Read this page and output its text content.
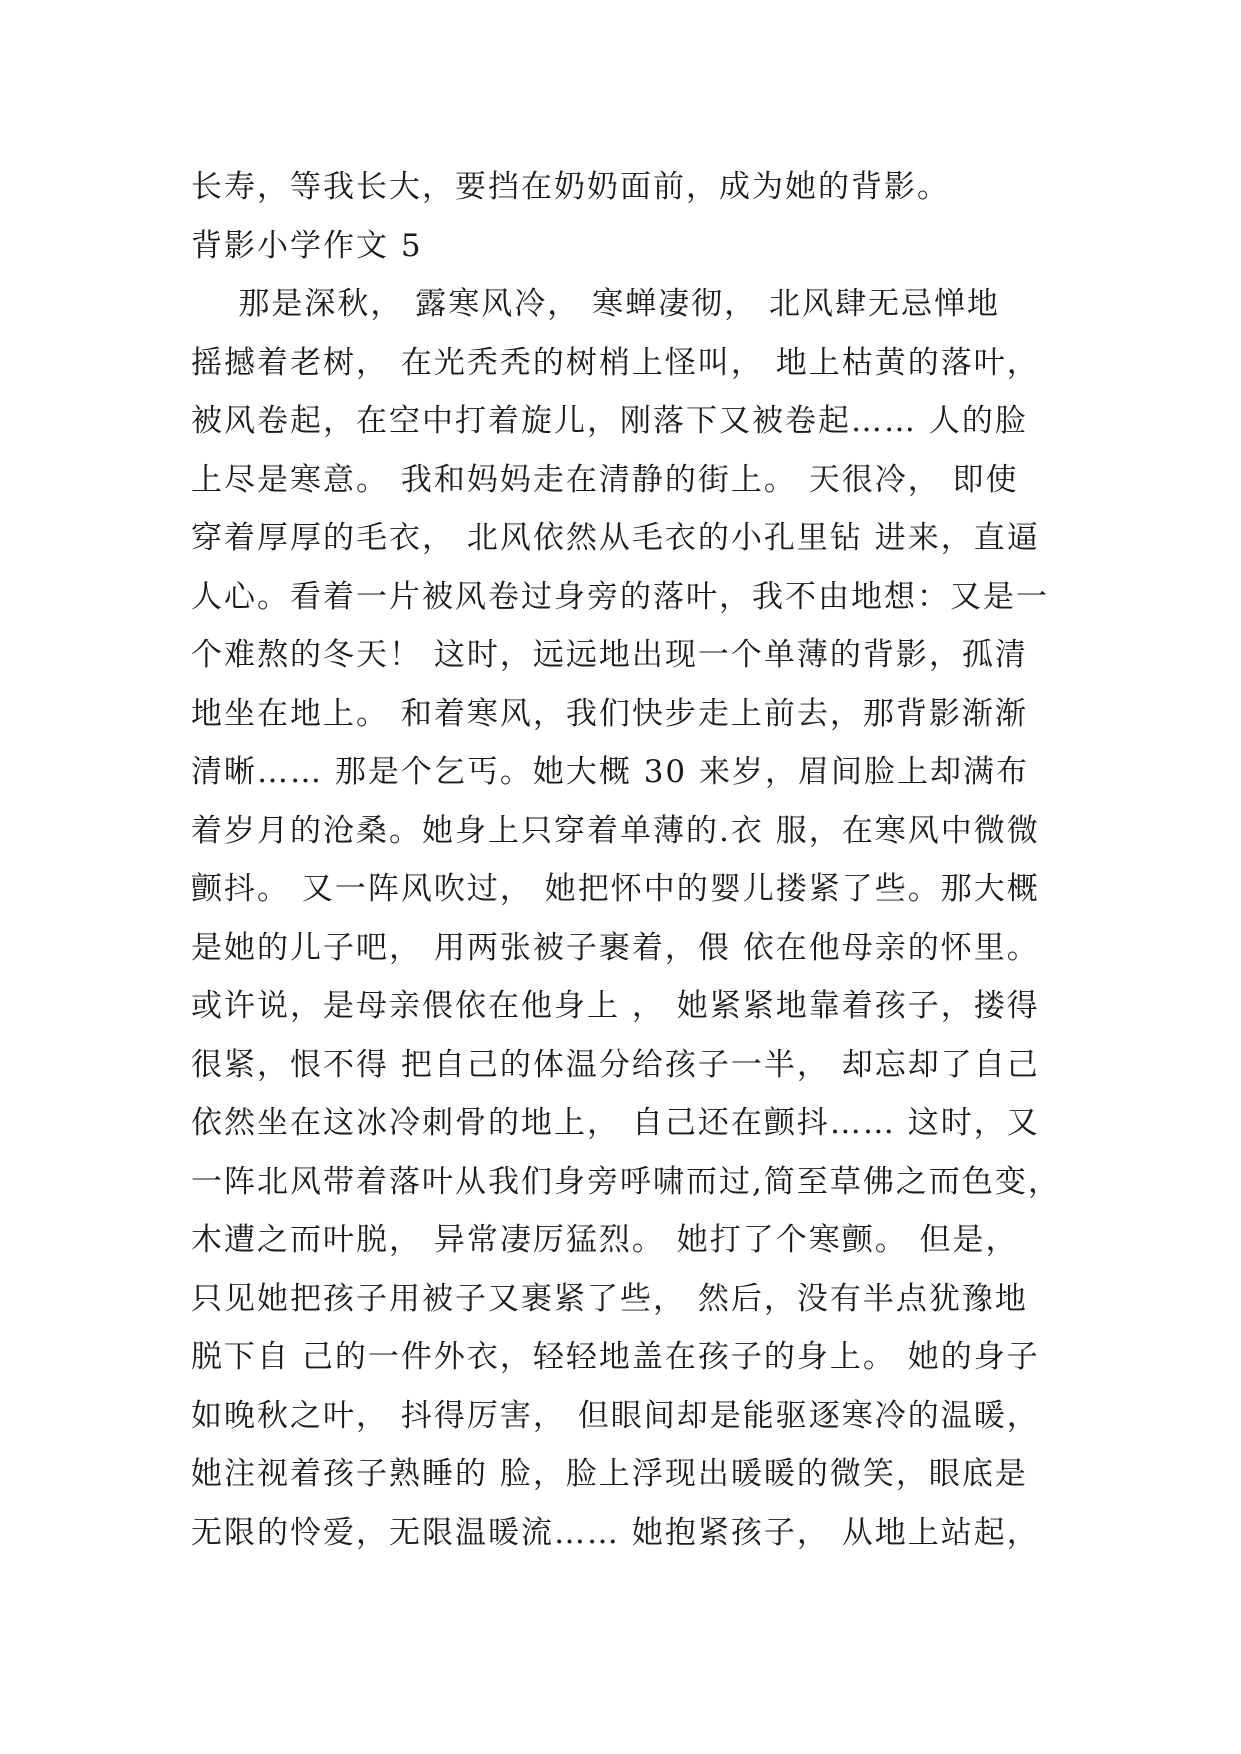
长寿，等我长大，要挡在奶奶面前，成为她的背影。
背影小学作文 5
那是深秋， 露寒风冷， 寒蝉凄彻， 北风肆无忌惮地
摇撼着老树， 在光秃秃的树梢上怪叫， 地上枯黄的落叶，
被风卷起，在空中打着旋儿，刚落下又被卷起…… 人的脸
上尽是寒意。 我和妈妈走在清静的街上。 天很冷， 即使
穿着厚厚的毛衣， 北风依然从毛衣的小孔里钻 进来，直逼
人心。看着一片被风卷过身旁的落叶，我不由地想：又是一
个难熬的冬天！ 这时，远远地出现一个单薄的背影，孤清
地坐在地上。 和着寒风，我们快步走上前去，那背影渐渐
清晰…… 那是个乞丐。她大概 30 来岁，眉间脸上却满布
着岁月的沧桑。她身上只穿着单薄的.衣 服，在寒风中微微
颤抖。 又一阵风吹过， 她把怀中的婴儿搂紧了些。那大概
是她的儿子吧， 用两张被子裹着，偎 依在他母亲的怀里。
或许说，是母亲偎依在他身上 ， 她紧紧地靠着孩子，搂得
很紧，恨不得 把自己的体温分给孩子一半， 却忘却了自己
依然坐在这冰冷刺骨的地上， 自己还在颤抖…… 这时，又
一阵北风带着落叶从我们身旁呼啸而过,简至草佛之而色变，
木遭之而叶脱， 异常凄厉猛烈。 她打了个寒颤。 但是，
只见她把孩子用被子又裹紧了些， 然后，没有半点犹豫地
脱下自 己的一件外衣，轻轻地盖在孩子的身上。 她的身子
如晚秋之叶， 抖得厉害， 但眼间却是能驱逐寒冷的温暖，
她注视着孩子熟睡的 脸，脸上浮现出暖暖的微笑，眼底是
无限的怜爱，无限温暖流…… 她抱紧孩子， 从地上站起，
